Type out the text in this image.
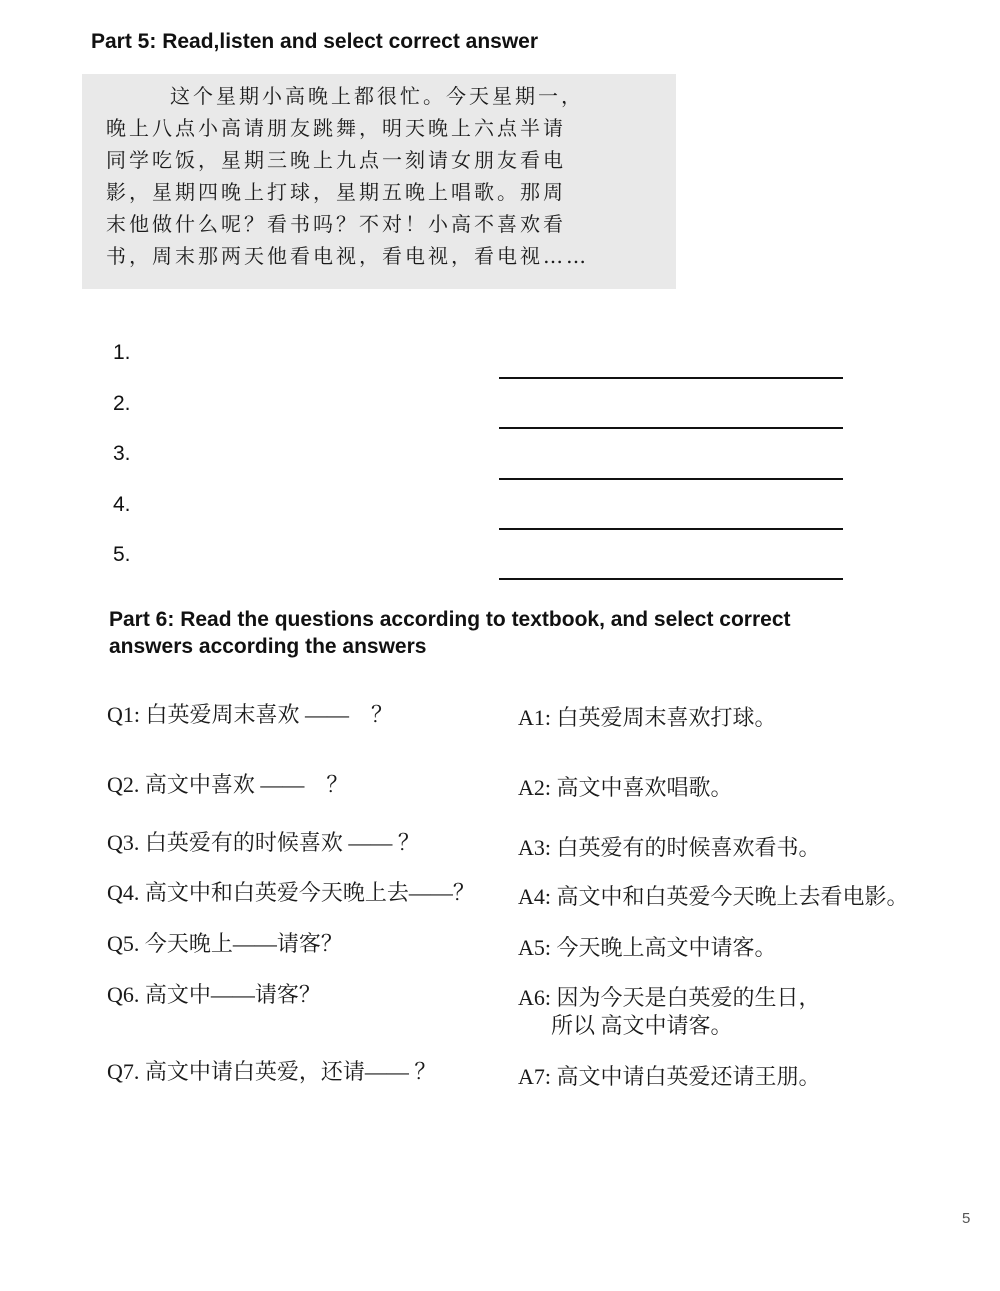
Part 5: Read,listen and select correct answer

这个星期小高晚上都很忙。今天星期一，

晚上八点小高请朋友跳舞，明天晚上六点半请

同学吃饭，星期三晚上九点一刻请女朋友看电

影，星期四晚上打球，星期五晚上唱歌。那周

末他做什么呢？看书吗？不对！小高不喜欢看

书，周末那两天他看电视，看电视，看电视……

1.
2.
3.
4.
5.
Part 6: Read the questions according to textbook, and select correct
answers according the answers
Q1: 白英爱周末喜欢 ——　？
Q2. 高文中喜欢 ——　？
Q3. 白英爱有的时候喜欢 —— ？
Q4. 高文中和白英爱今天晚上去——？
Q5. 今天晚上——请客？
Q6. 高文中——请客？
Q7. 高文中请白英爱，还请—— ？
A1: 白英爱周末喜欢打球。
A2: 高文中喜欢唱歌。
A3: 白英爱有的时候喜欢看书。
A4: 高文中和白英爱今天晚上去看电影。
A5: 今天晚上高文中请客。
A6: 因为今天是白英爱的生日，
所以 高文中请客。
A7: 高文中请白英爱还请王朋。
5
